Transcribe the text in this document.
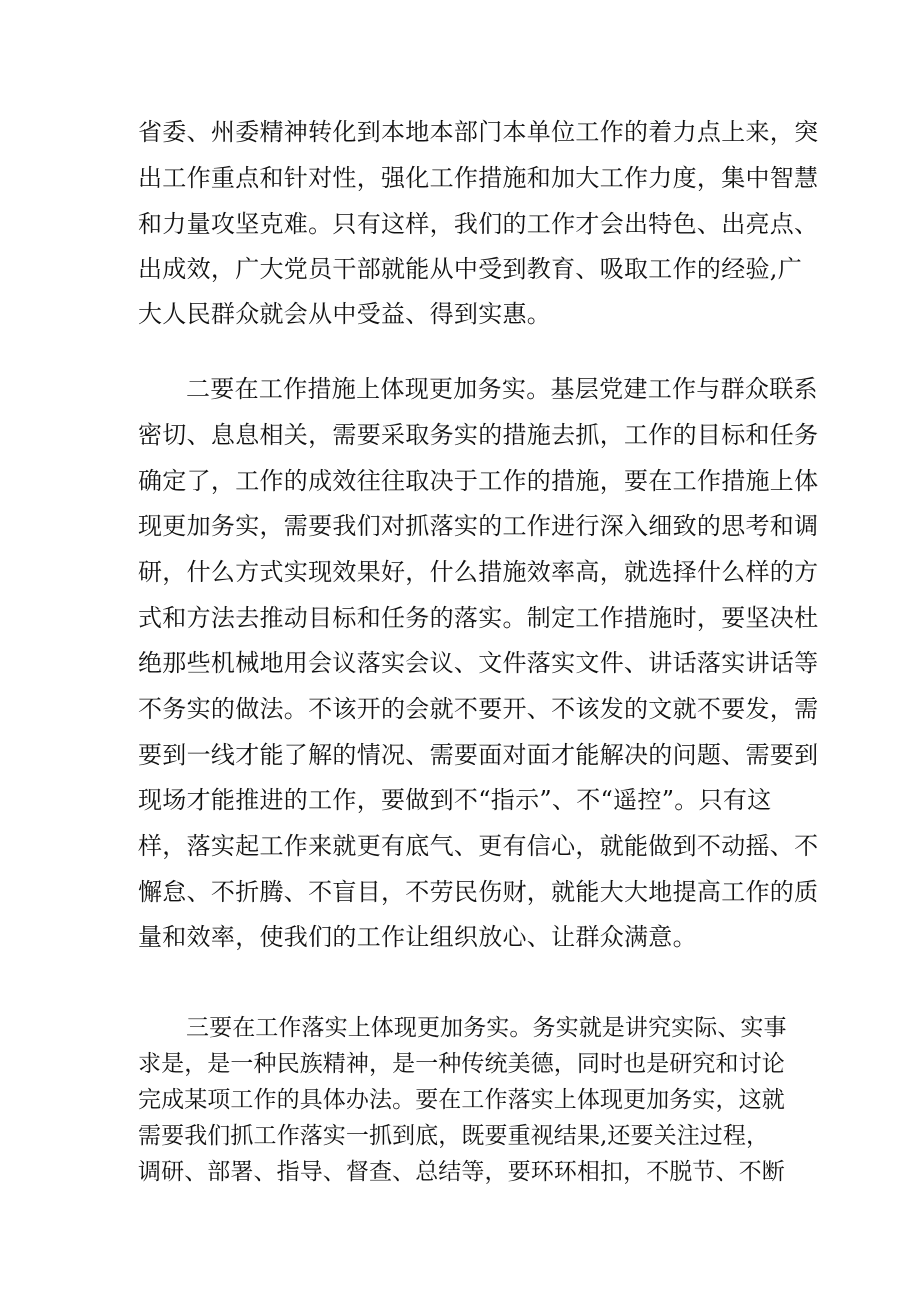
省委、州委精神转化到本地本部门本单位工作的着力点上来，突
出工作重点和针对性，强化工作措施和加大工作力度，集中智慧
和力量攻坚克难。只有这样，我们的工作才会出特色、出亮点、
出成效，广大党员干部就能从中受到教育、吸取工作的经验,广
大人民群众就会从中受益、得到实惠。
二要在工作措施上体现更加务实。基层党建工作与群众联系
密切、息息相关，需要采取务实的措施去抓，工作的目标和任务
确定了，工作的成效往往取决于工作的措施，要在工作措施上体
现更加务实，需要我们对抓落实的工作进行深入细致的思考和调
研，什么方式实现效果好，什么措施效率高，就选择什么样的方
式和方法去推动目标和任务的落实。制定工作措施时，要坚决杜
绝那些机械地用会议落实会议、文件落实文件、讲话落实讲话等
不务实的做法。不该开的会就不要开、不该发的文就不要发，需
要到一线才能了解的情况、需要面对面才能解决的问题、需要到
现场才能推进的工作，要做到不“指示”、不“遥控”。只有这
样，落实起工作来就更有底气、更有信心，就能做到不动摇、不
懈怠、不折腾、不盲目，不劳民伤财，就能大大地提高工作的质
量和效率，使我们的工作让组织放心、让群众满意。
三要在工作落实上体现更加务实。务实就是讲究实际、实事
求是，是一种民族精神，是一种传统美德，同时也是研究和讨论
完成某项工作的具体办法。要在工作落实上体现更加务实，这就
需要我们抓工作落实一抓到底，既要重视结果,还要关注过程，
调研、部署、指导、督查、总结等，要环环相扣，不脱节、不断
